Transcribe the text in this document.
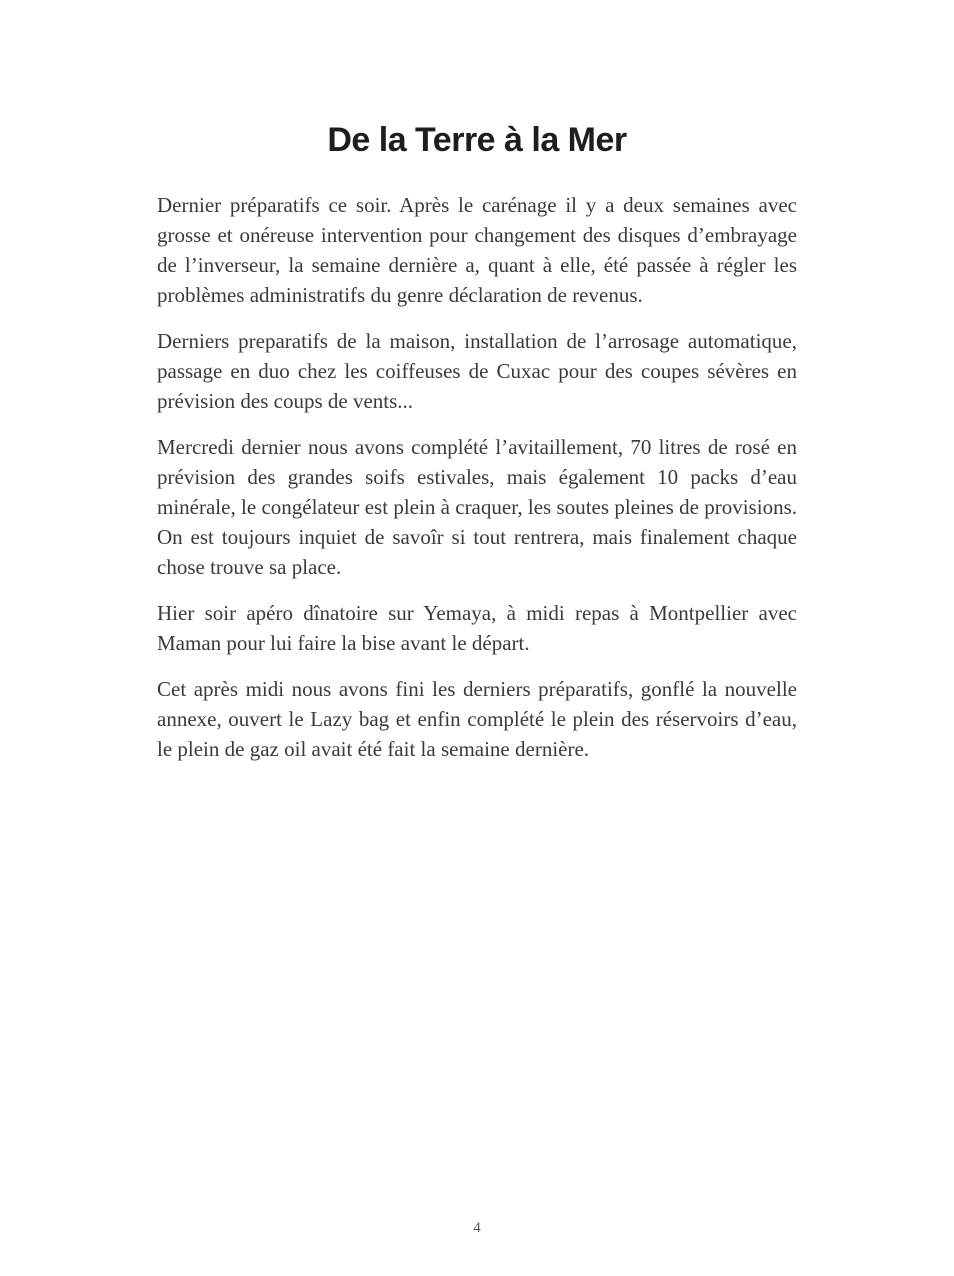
De la Terre à la Mer

Dernier préparatifs ce soir. Après le carénage il y a deux semaines avec grosse et onéreuse intervention pour changement des disques d’embrayage de l’inverseur, la semaine dernière a, quant à elle, été passée à régler les problèmes administratifs du genre déclaration de revenus.

Derniers preparatifs de la maison, installation de l’arrosage automatique, passage en duo chez les coiffeuses de Cuxac pour des coupes sévères en prévision des coups de vents...

Mercredi dernier nous avons complété l’avitaillement, 70 litres de rosé en prévision des grandes soifs estivales, mais également 10 packs d’eau minérale, le congélateur est plein à craquer, les soutes pleines de provisions. On est toujours inquiet de savoîr si tout rentrera, mais finalement chaque chose trouve sa place.

Hier soir apéro dînatoire sur Yemaya, à midi repas à Montpellier avec Maman pour lui faire la bise avant le départ.

Cet après midi nous avons fini les derniers préparatifs, gonflé la nouvelle annexe, ouvert le Lazy bag et enfin complété le plein des réservoirs d’eau, le plein de gaz oil avait été fait la semaine dernière.

4
